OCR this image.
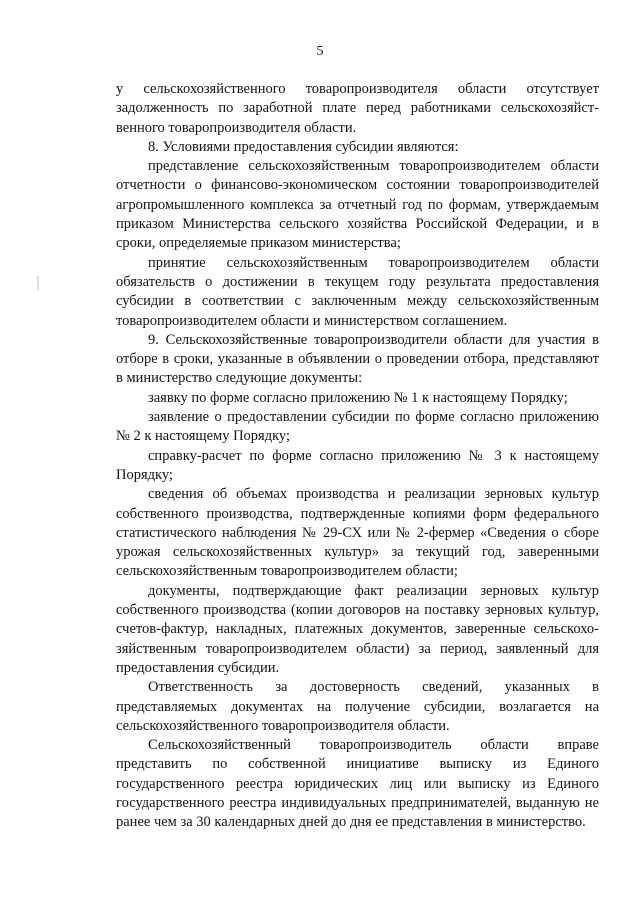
5

у сельскохозяйственного товаропроизводителя области отсутствует задолженность по заработной плате перед работниками сельскохозяйственного товаропроизводителя области.

8. Условиями предоставления субсидии являются:

представление сельскохозяйственным товаропроизводителем области отчетности о финансово-экономическом состоянии товаропроизводителей агропромышленного комплекса за отчетный год по формам, утверждаемым приказом Министерства сельского хозяйства Российской Федерации, и в сроки, определяемые приказом министерства;

принятие сельскохозяйственным товаропроизводителем области обязательств о достижении в текущем году результата предоставления субсидии в соответствии с заключенным между сельскохозяйственным товаропроизводителем области и министерством соглашением.

9. Сельскохозяйственные товаропроизводители области для участия в отборе в сроки, указанные в объявлении о проведении отбора, представляют в министерство следующие документы:

заявку по форме согласно приложению № 1 к настоящему Порядку;

заявление о предоставлении субсидии по форме согласно приложению № 2 к настоящему Порядку;

справку-расчет по форме согласно приложению № 3 к настоящему Порядку;

сведения об объемах производства и реализации зерновых культур собственного производства, подтвержденные копиями форм федерального статистического наблюдения № 29-СХ или № 2-фермер «Сведения о сборе урожая сельскохозяйственных культур» за текущий год, заверенными сельскохозяйственным товаропроизводителем области;

документы, подтверждающие факт реализации зерновых культур собственного производства (копии договоров на поставку зерновых культур, счетов-фактур, накладных, платежных документов, заверенные сельскохозяйственным товаропроизводителем области) за период, заявленный для предоставления субсидии.

Ответственность за достоверность сведений, указанных в представляемых документах на получение субсидии, возлагается на сельскохозяйственного товаропроизводителя области.

Сельскохозяйственный товаропроизводитель области вправе представить по собственной инициативе выписку из Единого государственного реестра юридических лиц или выписку из Единого государственного реестра индивидуальных предпринимателей, выданную не ранее чем за 30 календарных дней до дня ее представления в министерство.
